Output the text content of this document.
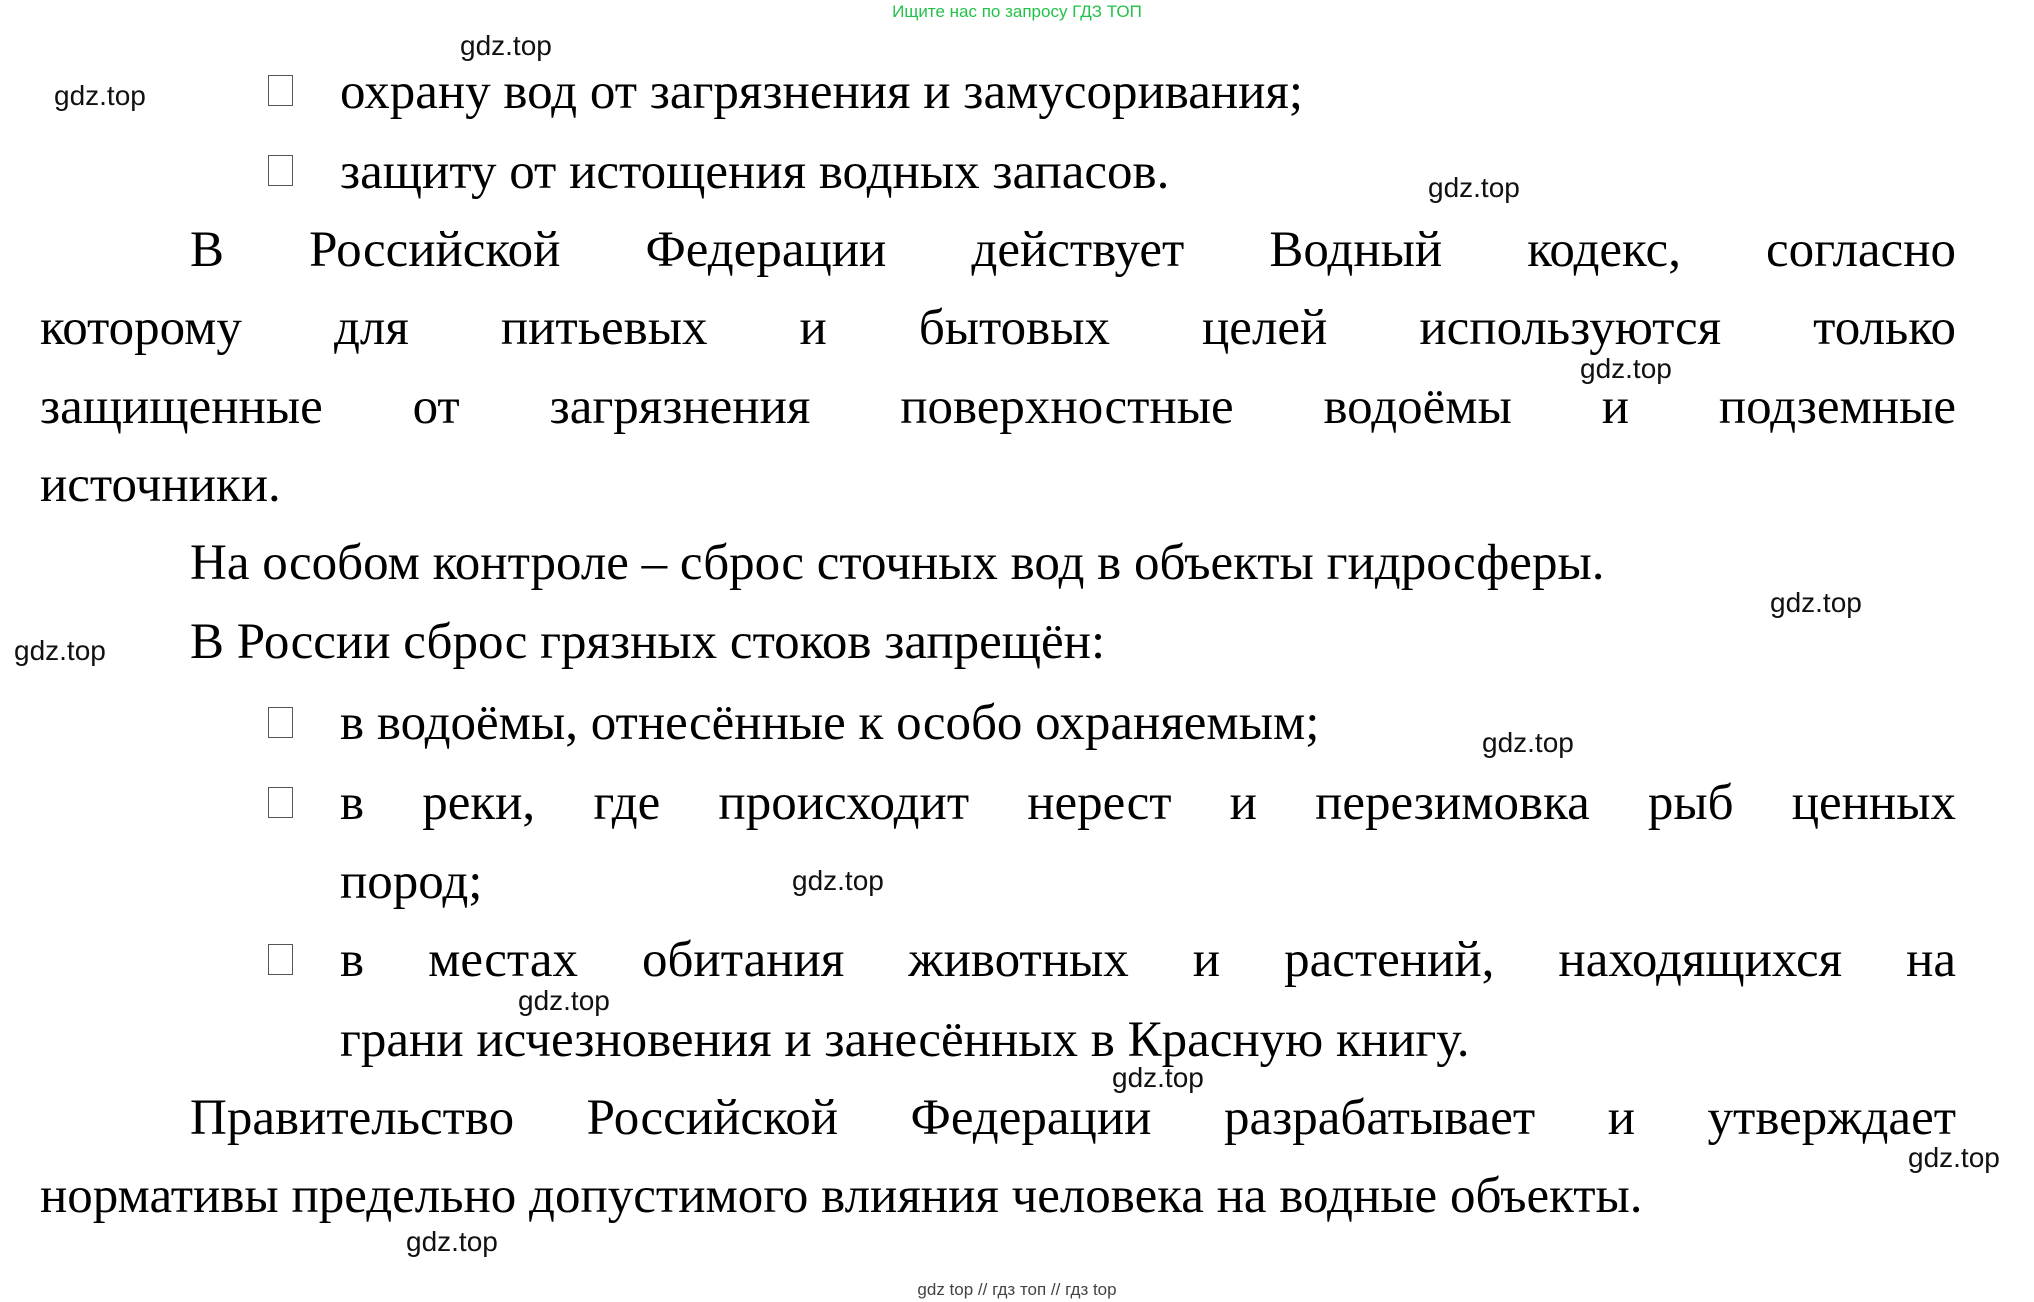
Ищите нас по запросу ГДЗ ТОП
охрану вод от загрязнения и замусоривания;
защиту от истощения водных запасов.
В Российской Федерации действует Водный кодекс, согласно
которому для питьевых и бытовых целей используются только
защищенные от загрязнения поверхностные водоёмы и подземные
источники.
На особом контроле – сброс сточных вод в объекты гидросферы.
В России сброс грязных стоков запрещён:
в водоёмы, отнесённые к особо охраняемым;
в реки, где происходит нерест и перезимовка рыб ценных
пород;
в местах обитания животных и растений, находящихся на
грани исчезновения и занесённых в Красную книгу.
Правительство Российской Федерации разрабатывает и утверждает
нормативы предельно допустимого влияния человека на водные объекты.
gdz.top
gdz.top
gdz.top
gdz.top
gdz.top
gdz.top
gdz.top
gdz.top
gdz.top
gdz.top
gdz.top
gdz.top
gdz top // гдз топ // гдз top
